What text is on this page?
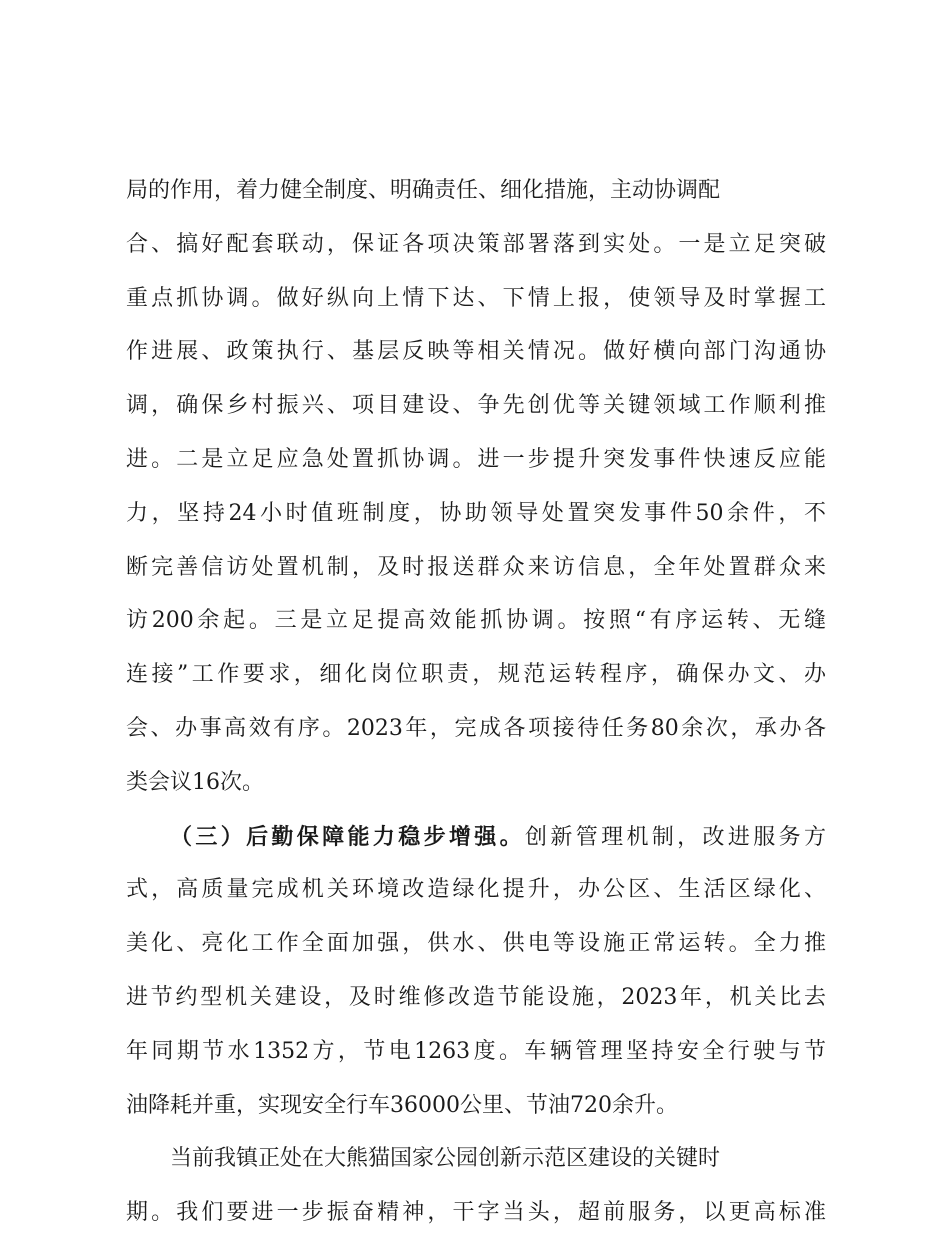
局的作用，着力健全制度、明确责任、细化措施，主动协调配
合、搞好配套联动，保证各项决策部署落到实处。一是立足突破
重点抓协调。做好纵向上情下达、下情上报，使领导及时掌握工
作进展、政策执行、基层反映等相关情况。做好横向部门沟通协
调，确保乡村振兴、项目建设、争先创优等关键领域工作顺利推
进。二是立足应急处置抓协调。进一步提升突发事件快速反应能
力，坚持24小时值班制度，协助领导处置突发事件50余件，不
断完善信访处置机制，及时报送群众来访信息，全年处置群众来
访200余起。三是立足提高效能抓协调。按照“有序运转、无缝
连接”工作要求，细化岗位职责，规范运转程序，确保办文、办
会、办事高效有序。2023年，完成各项接待任务80余次，承办各
类会议16次。
（三）后勤保障能力稳步增强。创新管理机制，改进服务方
式，高质量完成机关环境改造绿化提升，办公区、生活区绿化、
美化、亮化工作全面加强，供水、供电等设施正常运转。全力推
进节约型机关建设，及时维修改造节能设施，2023年，机关比去
年同期节水1352方，节电1263度。车辆管理坚持安全行驶与节
油降耗并重，实现安全行车36000公里、节油720余升。
当前我镇正处在大熊猫国家公园创新示范区建设的关键时
期。我们要进一步振奋精神，干字当头，超前服务，以更高标准
